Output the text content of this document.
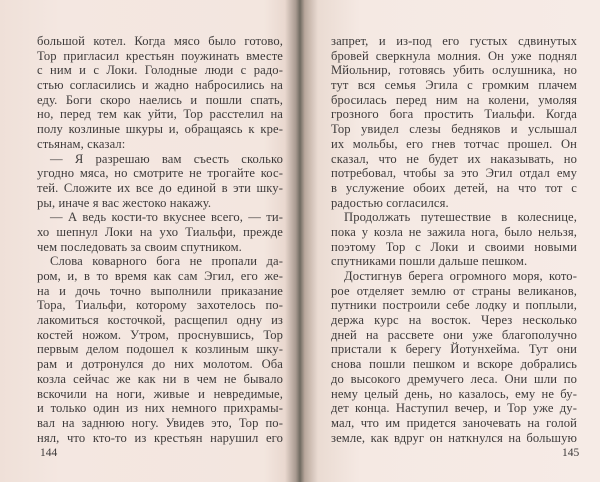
большой котел. Когда мясо было готово,
Тор пригласил крестьян поужинать вместе
с ним и с Локи. Голодные люди с радо-
стью согласились и жадно набросились на
еду. Боги скоро наелись и пошли спать,
но, перед тем как уйти, Тор расстелил на
полу козлиные шкуры и, обращаясь к кре-
стьянам, сказал:
— Я разрешаю вам съесть сколько
угодно мяса, но смотрите не трогайте кос-
тей. Сложите их все до единой в эти шку-
ры, иначе я вас жестоко накажу.
— А ведь кости-то вкуснее всего, — ти-
хо шепнул Локи на ухо Тиальфи, прежде
чем последовать за своим спутником.
Слова коварного бога не пропали да-
ром, и, в то время как сам Эгил, его же-
на и дочь точно выполнили приказание
Тора, Тиальфи, которому захотелось по-
лакомиться косточкой, расщепил одну из
костей ножом. Утром, проснувшись, Тор
первым делом подошел к козлиным шку-
рам и дотронулся до них молотом. Оба
козла сейчас же как ни в чем не бывало
вскочили на ноги, живые и невредимые,
и только один из них немного прихрамы-
вал на заднюю ногу. Увидев это, Тор по-
нял, что кто-то из крестьян нарушил его
запрет, и из-под его густых сдвинутых
бровей сверкнула молния. Он уже поднял
Мйольнир, готовясь убить ослушника, но
тут вся семья Эгила с громким плачем
бросилась перед ним на колени, умоляя
грозного бога простить Тиальфи. Когда
Тор увидел слезы бедняков и услышал
их мольбы, его гнев тотчас прошел. Он
сказал, что не будет их наказывать, но
потребовал, чтобы за это Эгил отдал ему
в услужение обоих детей, на что тот с
радостью согласился.
Продолжать путешествие в колеснице,
пока у козла не зажила нога, было нельзя,
поэтому Тор с Локи и своими новыми
спутниками пошли дальше пешком.
Достигнув берега огромного моря, кото-
рое отделяет землю от страны великанов,
путники построили себе лодку и поплыли,
держа курс на восток. Через несколько
дней на рассвете они уже благополучно
пристали к берегу Йотунхейма. Тут они
снова пошли пешком и вскоре добрались
до высокого дремучего леса. Они шли по
нему целый день, но казалось, ему не бу-
дет конца. Наступил вечер, и Тор уже ду-
мал, что им придется заночевать на голой
земле, как вдруг он наткнулся на большую
144	145
